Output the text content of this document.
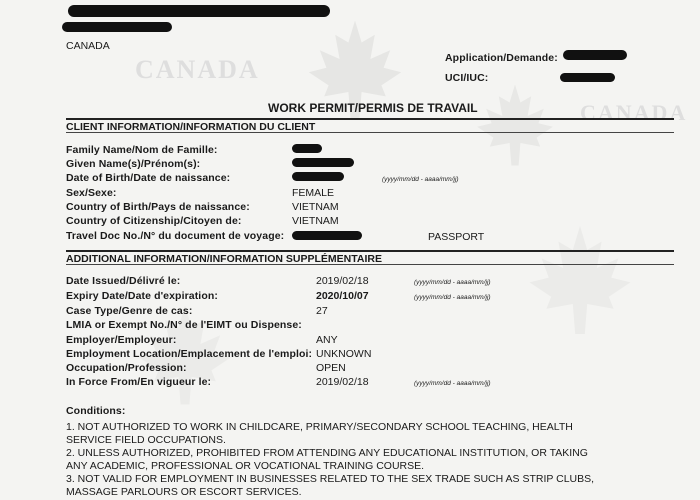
CANADA
CANADA
CANADA
Application/Demande:
UCI/IUC:
WORK PERMIT/PERMIS DE TRAVAIL
CLIENT INFORMATION/INFORMATION DU CLIENT
Family Name/Nom de Famille:
Given Name(s)/Prénom(s):
Date of Birth/Date de naissance:	(yyyy/mm/dd - aaaa/mm/jj)
Sex/Sexe:	FEMALE
Country of Birth/Pays de naissance:	VIETNAM
Country of Citizenship/Citoyen de:	VIETNAM
Travel Doc No./N° du document de voyage:	PASSPORT
ADDITIONAL INFORMATION/INFORMATION SUPPLÉMENTAIRE
Date Issued/Délivré le:	2019/02/18	(yyyy/mm/dd - aaaa/mm/jj)
Expiry Date/Date d'expiration:	2020/10/07	(yyyy/mm/dd - aaaa/mm/jj)
Case Type/Genre de cas:	27
LMIA or Exempt No./N° de l'EIMT ou Dispense:
Employer/Employeur:	ANY
Employment Location/Emplacement de l'emploi: UNKNOWN
Occupation/Profession:	OPEN
In Force From/En vigueur le:	2019/02/18	(yyyy/mm/dd - aaaa/mm/jj)
Conditions:
1. NOT AUTHORIZED TO WORK IN CHILDCARE, PRIMARY/SECONDARY SCHOOL TEACHING, HEALTH
SERVICE FIELD OCCUPATIONS.
2. UNLESS AUTHORIZED, PROHIBITED FROM ATTENDING ANY EDUCATIONAL INSTITUTION, OR TAKING
ANY ACADEMIC, PROFESSIONAL OR VOCATIONAL TRAINING COURSE.
3. NOT VALID FOR EMPLOYMENT IN BUSINESSES RELATED TO THE SEX TRADE SUCH AS STRIP CLUBS,
MASSAGE PARLOURS OR ESCORT SERVICES.
